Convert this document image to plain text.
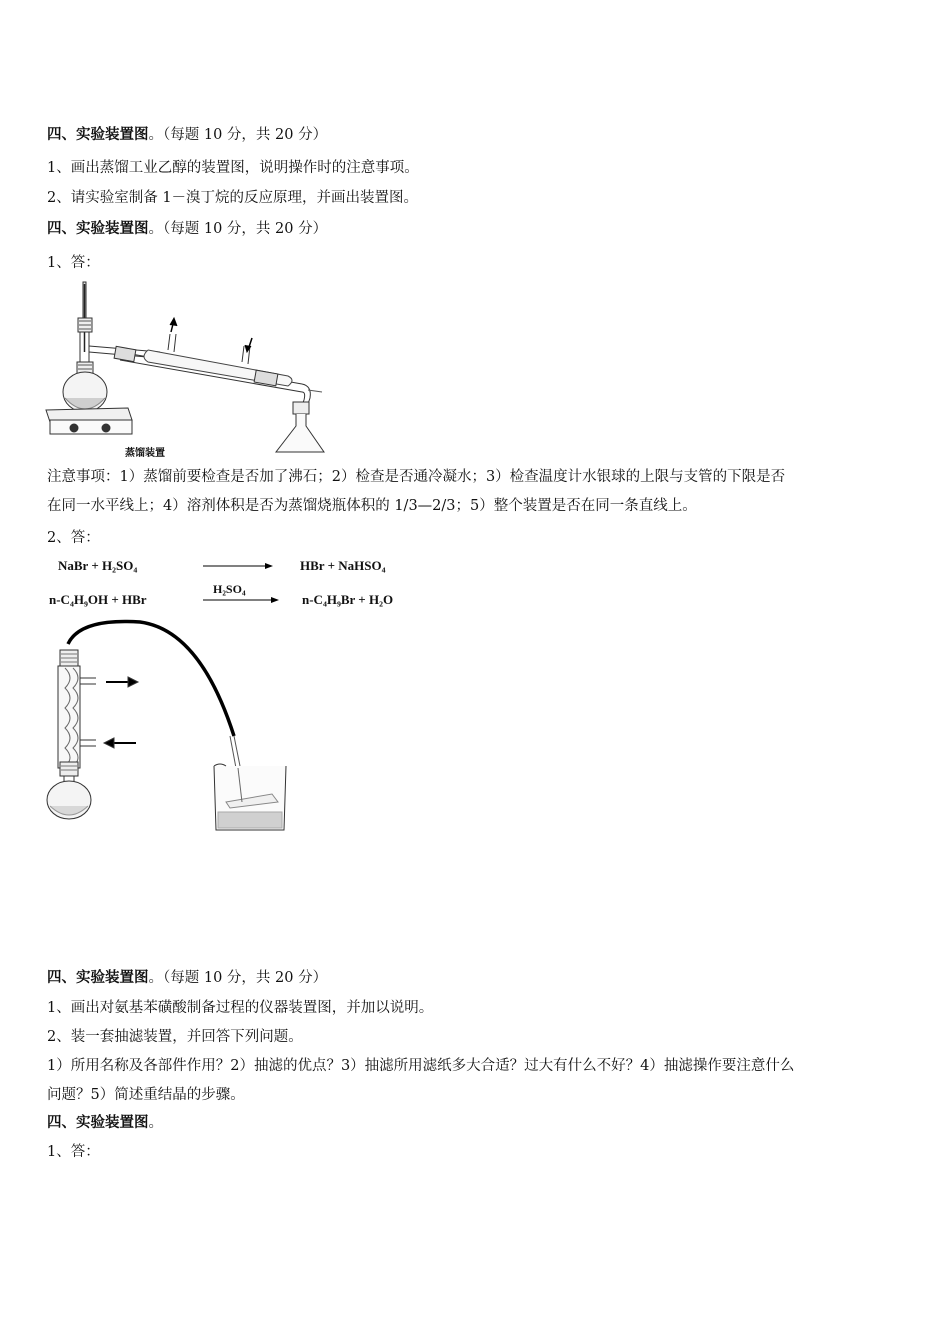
四、实验装置图。（每题 10 分，共 20 分）
1、画出蒸馏工业乙醇的装置图，说明操作时的注意事项。
2、请实验室制备 1－溴丁烷的反应原理，并画出装置图。
四、实验装置图。（每题 10 分，共 20 分）
1、答：
蒸馏装置
注意事项：1）蒸馏前要检查是否加了沸石；2）检查是否通冷凝水；3）检查温度计水银球的上限与支管的下限是否
在同一水平线上；4）溶剂体积是否为蒸馏烧瓶体积的 1/3—2/3；5）整个装置是否在同一条直线上。
2、答：
NaBr + H₂SO₄	HBr + NaHSO₄
n-C₄H₉OH + HBr
H₂SO₄
n-C₄H₉Br + H₂O
四、实验装置图。（每题 10 分，共 20 分）
1、画出对氨基苯磺酸制备过程的仪器装置图，并加以说明。
2、装一套抽滤装置，并回答下列问题。
1）所用名称及各部件作用？2）抽滤的优点？3）抽滤所用滤纸多大合适？过大有什么不好？4）抽滤操作要注意什么
问题？5）简述重结晶的步骤。
四、实验装置图。
1、答：
